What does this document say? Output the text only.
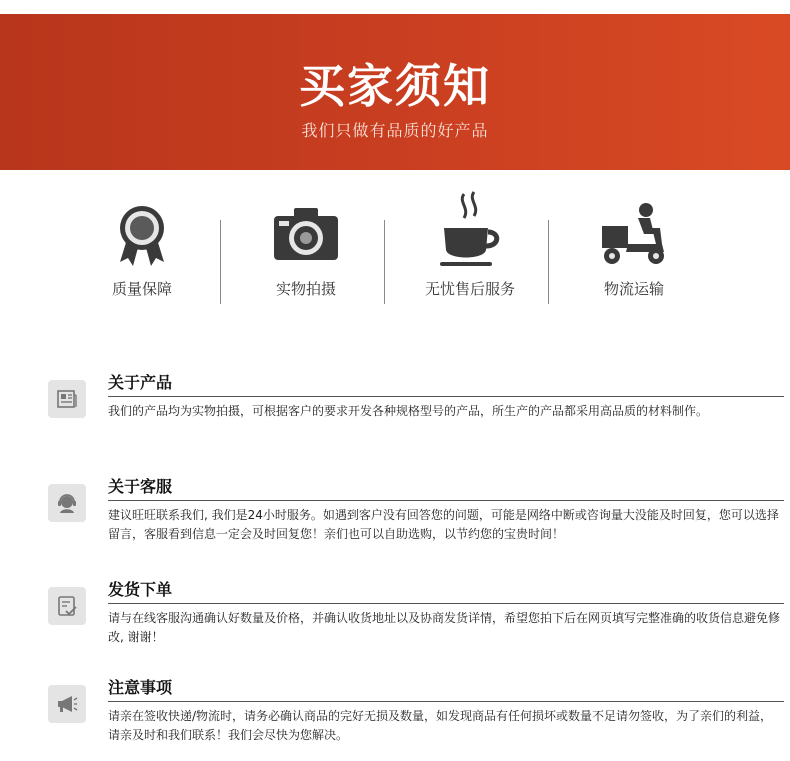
买家须知
我们只做有品质的好产品
质量保障	实物拍摄	无忧售后服务	物流运输
关于产品
我们的产品均为实物拍摄，可根据客户的要求开发各种规格型号的产品，所生产的产品都采用高品质的材料制作。
关于客服
建议旺旺联系我们, 我们是24小时服务。如遇到客户没有回答您的问题，可能是网络中断或咨询量大没能及时回复，您可以选择留言，客服看到信息一定会及时回复您！亲们也可以自助选购，以节约您的宝贵时间！
发货下单
请与在线客服沟通确认好数量及价格，并确认收货地址以及协商发货详情，希望您拍下后在网页填写完整准确的收货信息避免修改, 谢谢！
注意事项
请亲在签收快递/物流时，请务必确认商品的完好无损及数量，如发现商品有任何损坏或数量不足请勿签收，为了亲们的利益，请亲及时和我们联系！我们会尽快为您解决。
